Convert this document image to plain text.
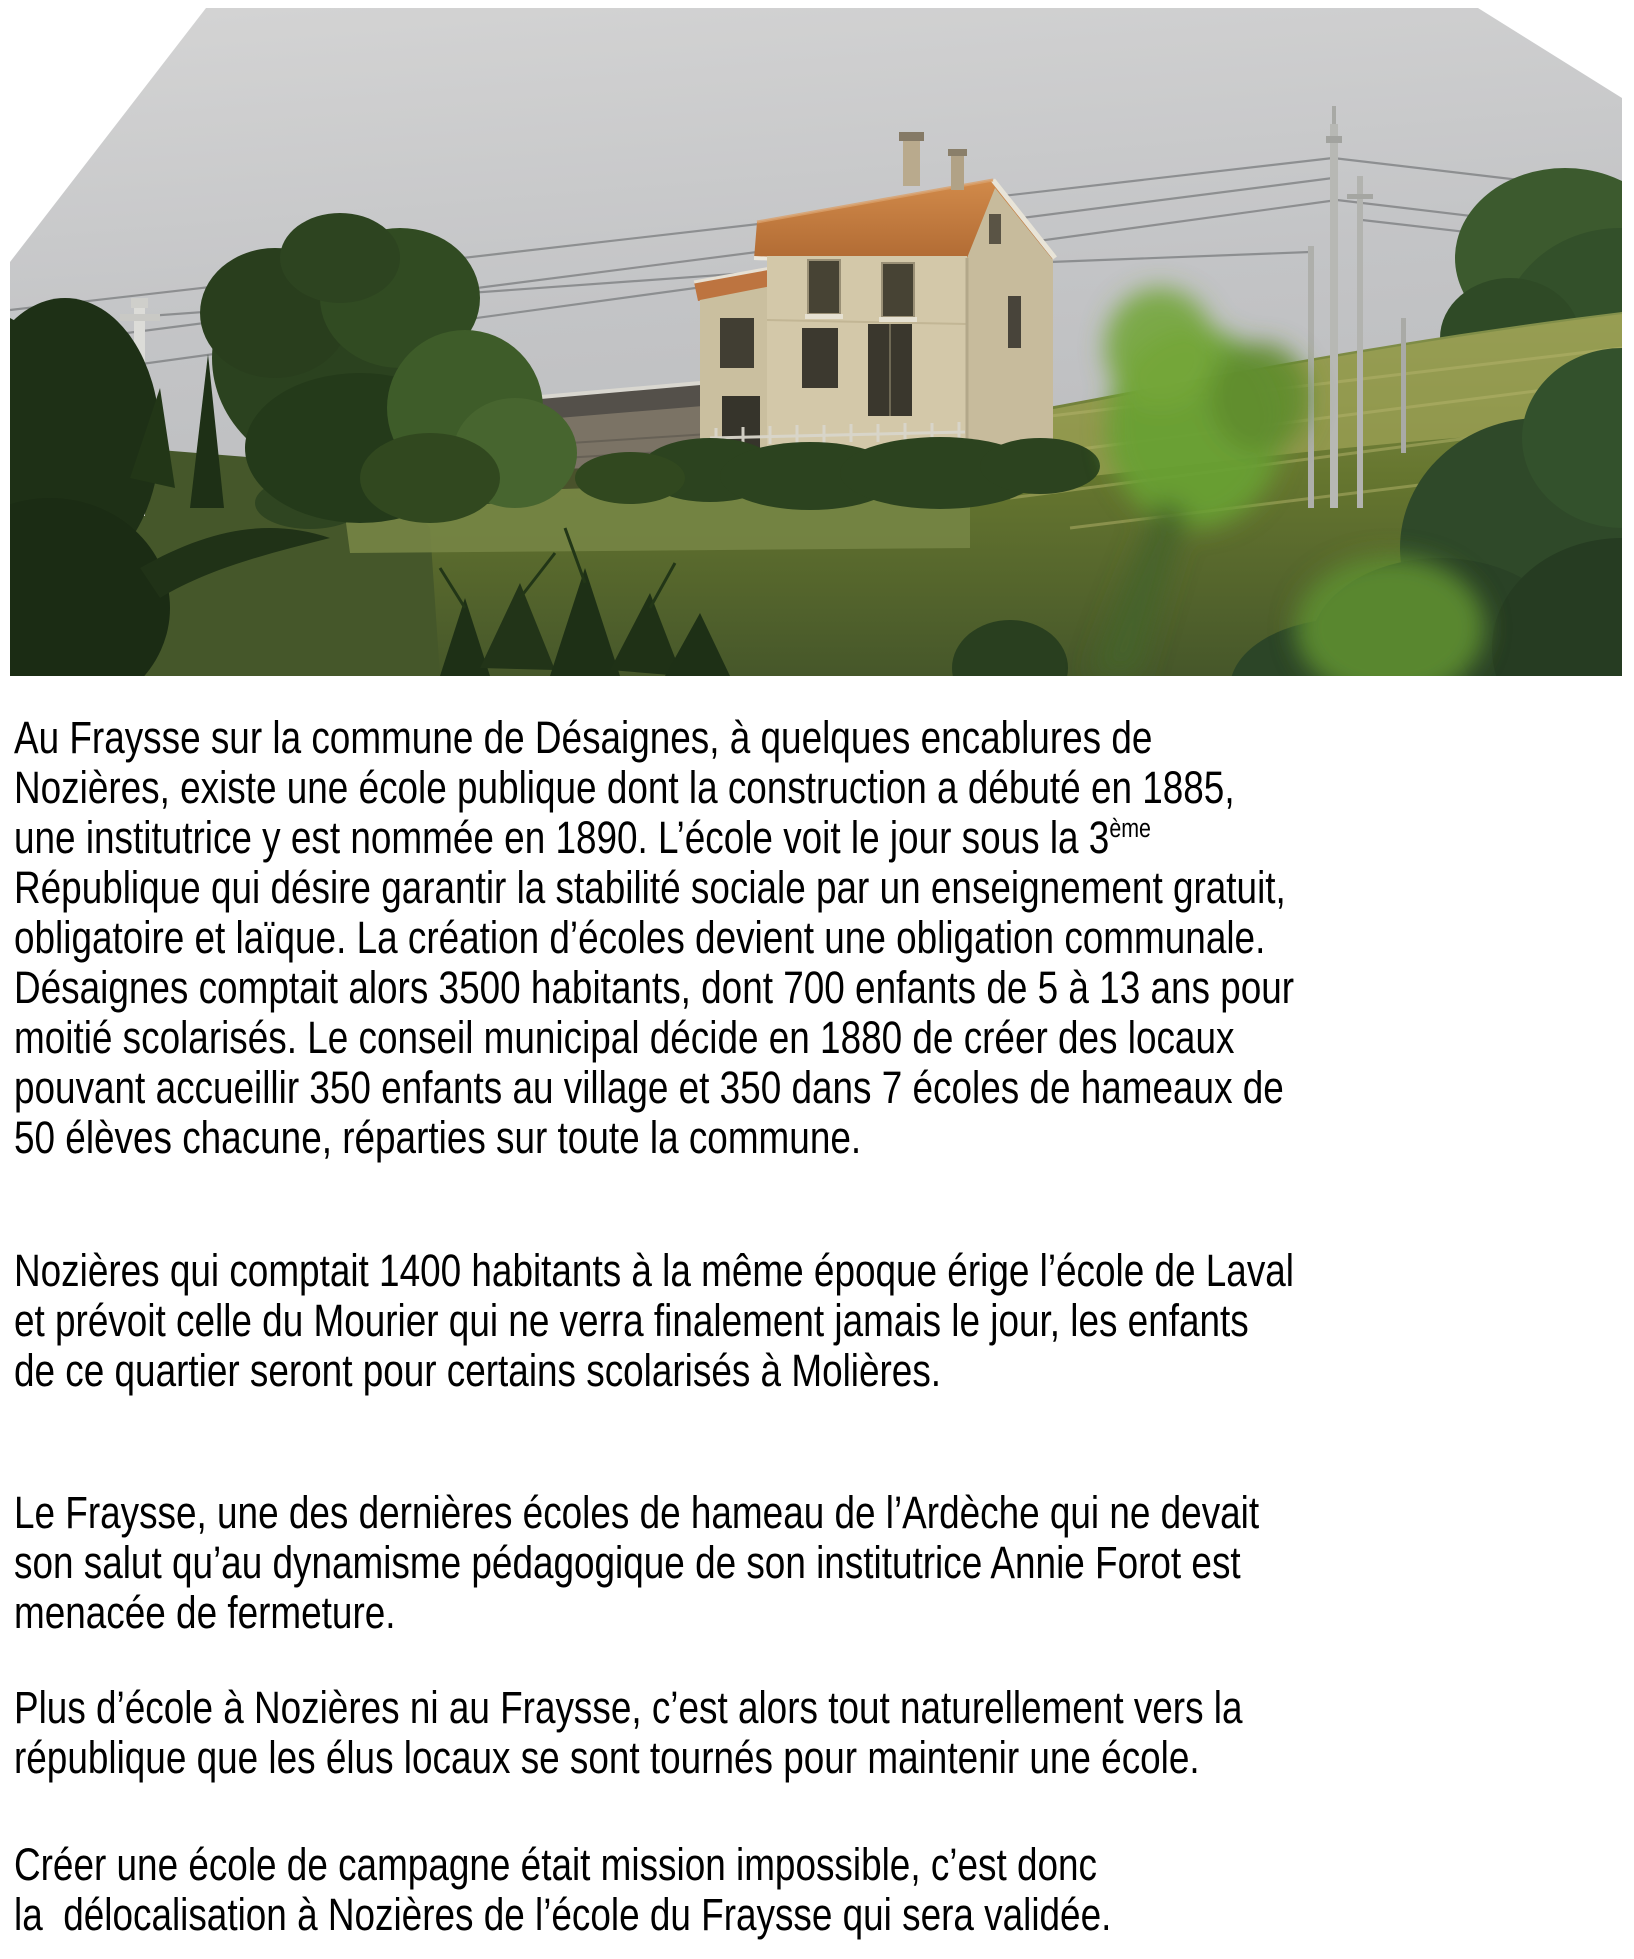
Au Fraysse sur la commune de Désaignes, à quelques encablures de
Nozières, existe une école publique dont la construction a débuté en 1885,
une institutrice y est nommée en 1890. L’école voit le jour sous la 3ème
République qui désire garantir la stabilité sociale par un enseignement gratuit,
obligatoire et laïque. La création d’écoles devient une obligation communale.
Désaignes comptait alors 3500 habitants, dont 700 enfants de 5 à 13 ans pour
moitié scolarisés. Le conseil municipal décide en 1880 de créer des locaux
pouvant accueillir 350 enfants au village et 350 dans 7 écoles de hameaux de
50 élèves chacune, réparties sur toute la commune.
Nozières qui comptait 1400 habitants à la même époque érige l’école de Laval
et prévoit celle du Mourier qui ne verra finalement jamais le jour, les enfants
de ce quartier seront pour certains scolarisés à Molières.
Le Fraysse, une des dernières écoles de hameau de l’Ardèche qui ne devait
son salut qu’au dynamisme pédagogique de son institutrice Annie Forot est
menacée de fermeture.
Plus d’école à Nozières ni au Fraysse, c’est alors tout naturellement vers la
république que les élus locaux se sont tournés pour maintenir une école.
Créer une école de campagne était mission impossible, c’est donc
la  délocalisation à Nozières de l’école du Fraysse qui sera validée.
